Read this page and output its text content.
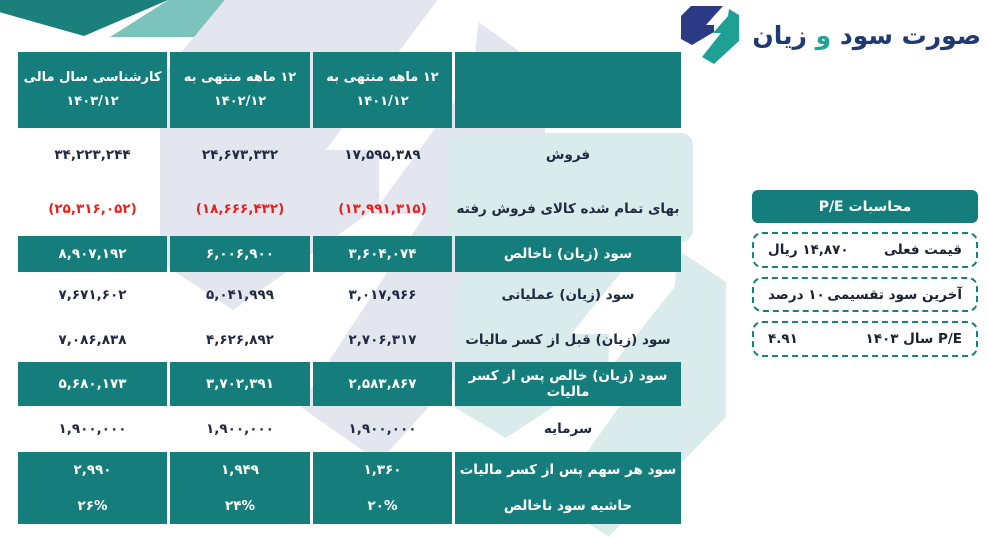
صورت سود و زیان
۱۲ ماهه منتهی به
۱۴۰۱/۱۲
۱۲ ماهه منتهی به
۱۴۰۲/۱۲
کارشناسی سال مالی
۱۴۰۳/۱۲
فروش
۱۷,۵۹۵,۳۸۹
۲۴,۶۷۳,۳۳۲
۳۴,۲۲۳,۲۴۴
بهای تمام شده کالای فروش رفته
(۱۳,۹۹۱,۳۱۵)
(۱۸,۶۶۶,۴۳۲)
(۲۵,۳۱۶,۰۵۲)
سود (زیان) ناخالص
۳,۶۰۴,۰۷۴
۶,۰۰۶,۹۰۰
۸,۹۰۷,۱۹۲
سود (زیان) عملیاتی
۳,۰۱۷,۹۶۶
۵,۰۴۱,۹۹۹
۷,۶۷۱,۶۰۲
سود (زیان) قبل از کسر مالیات
۲,۷۰۶,۳۱۷
۴,۶۲۶,۸۹۲
۷,۰۸۶,۸۳۸
سود (زیان) خالص پس از کسر مالیات
۲,۵۸۳,۸۶۷
۳,۷۰۲,۳۹۱
۵,۶۸۰,۱۷۳
سرمایه
۱,۹۰۰,۰۰۰
۱,۹۰۰,۰۰۰
۱,۹۰۰,۰۰۰
سود هر سهم پس از کسر مالیات
۱,۳۶۰
۱,۹۴۹
۲,۹۹۰
حاشیه سود ناخالص
۲۰%
۲۴%
۲۶%
محاسبات P/E
قیمت فعلی
۱۴,۸۷۰ ریال
آخرین سود تقسیمی
۱۰ درصد
P/E سال ۱۴۰۳
۴.۹۱
